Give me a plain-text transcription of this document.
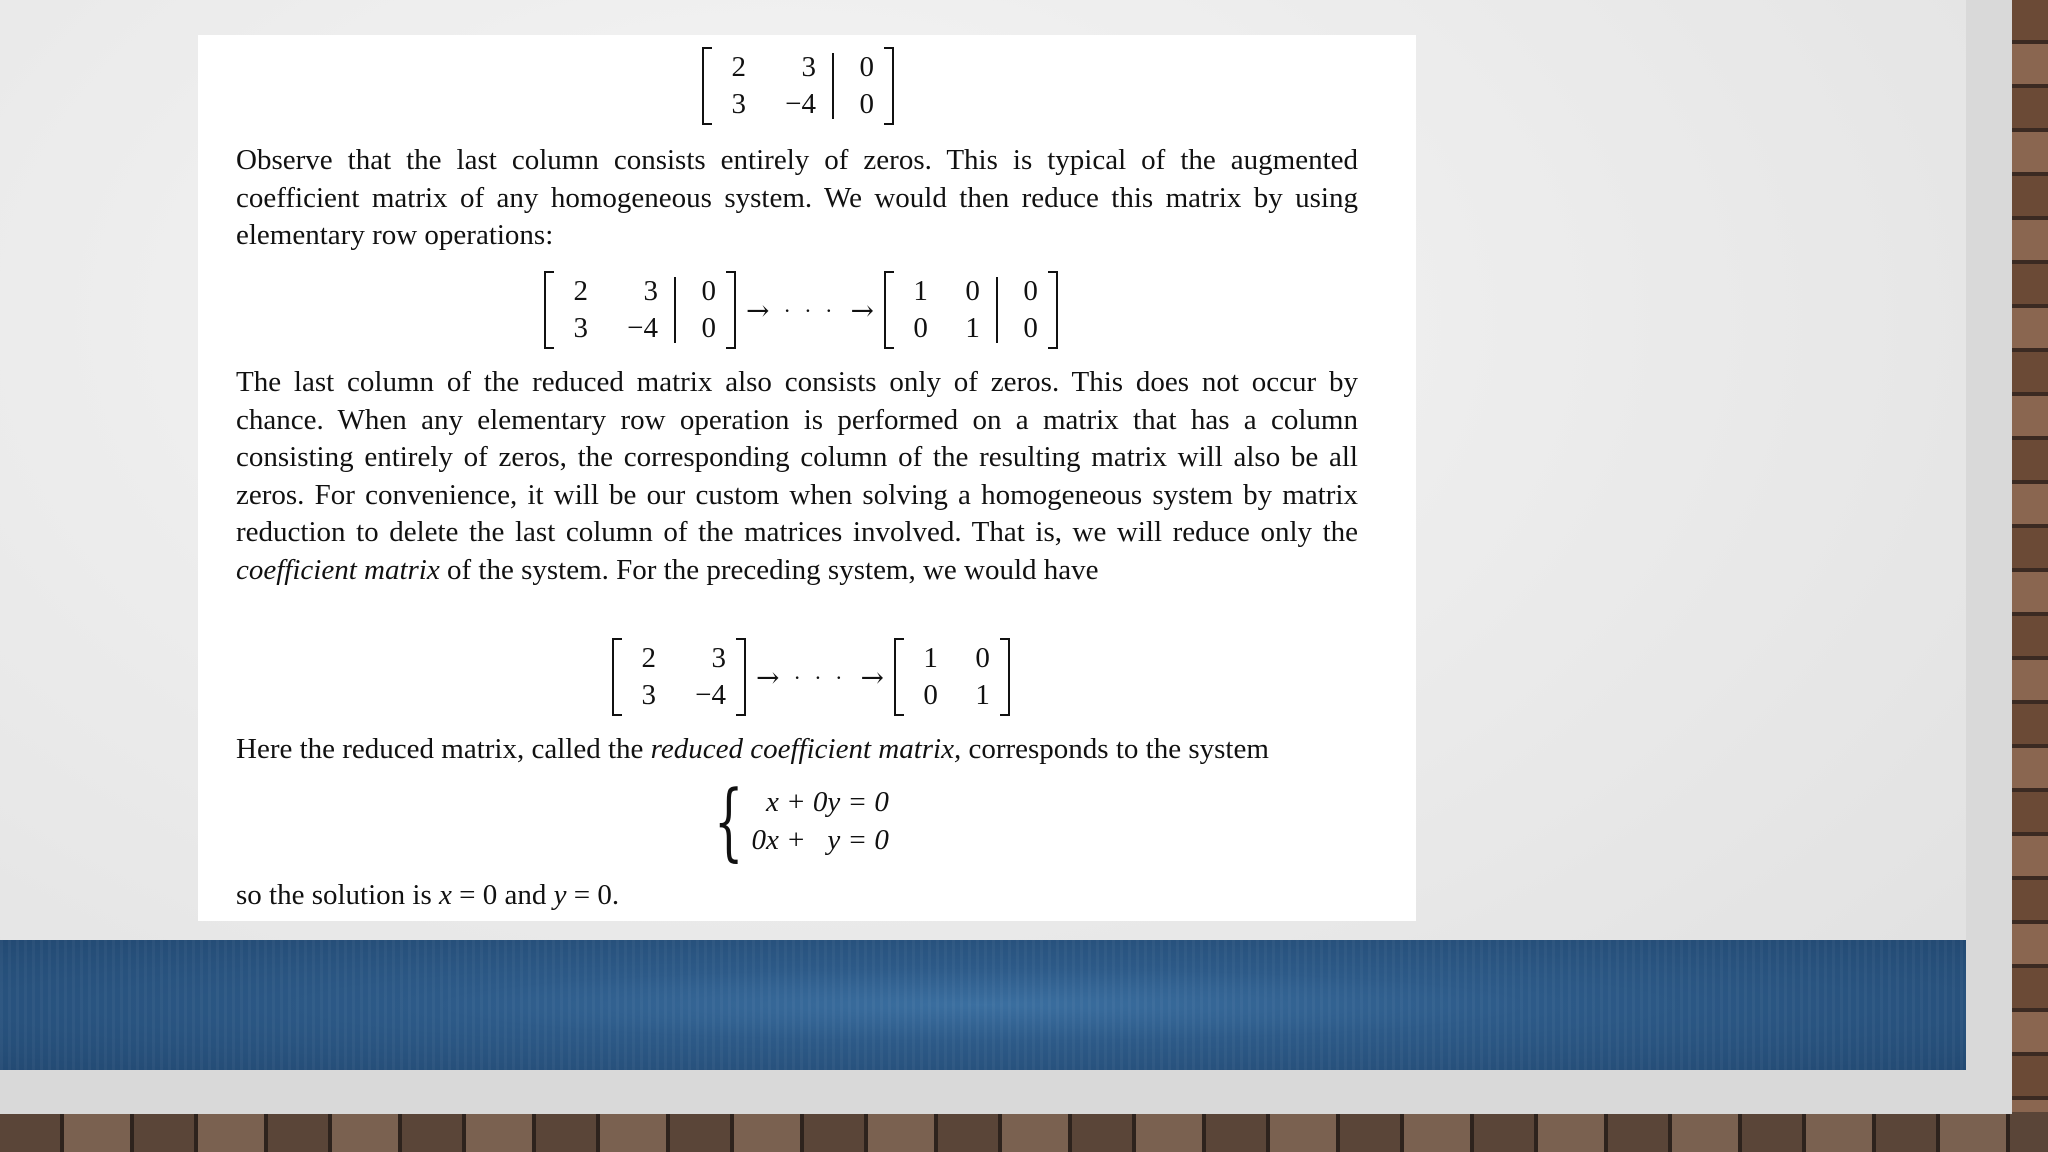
2
3
3
−4
0
0

Observe that the last column consists entirely of zeros. This is typical of the augmented coefficient matrix of any homogeneous system. We would then reduce this matrix by using elementary row operations:

2
3
3
−4
0
0
→ · · · →
1
0
0
1
0
0

The last column of the reduced matrix also consists only of zeros. This does not occur by chance. When any elementary row operation is performed on a matrix that has a column consisting entirely of zeros, the corresponding column of the resulting matrix will also be all zeros. For convenience, it will be our custom when solving a homogeneous system by matrix reduction to delete the last column of the matrices involved. That is, we will reduce only the coefficient matrix of the system. For the preceding system, we would have

2
3
3
−4
→ · · · →
1
0
0
1

Here the reduced matrix, called the reduced coefficient matrix, corresponds to the system

{ x + 0y = 0
0x +   y = 0

so the solution is x = 0 and y = 0.
